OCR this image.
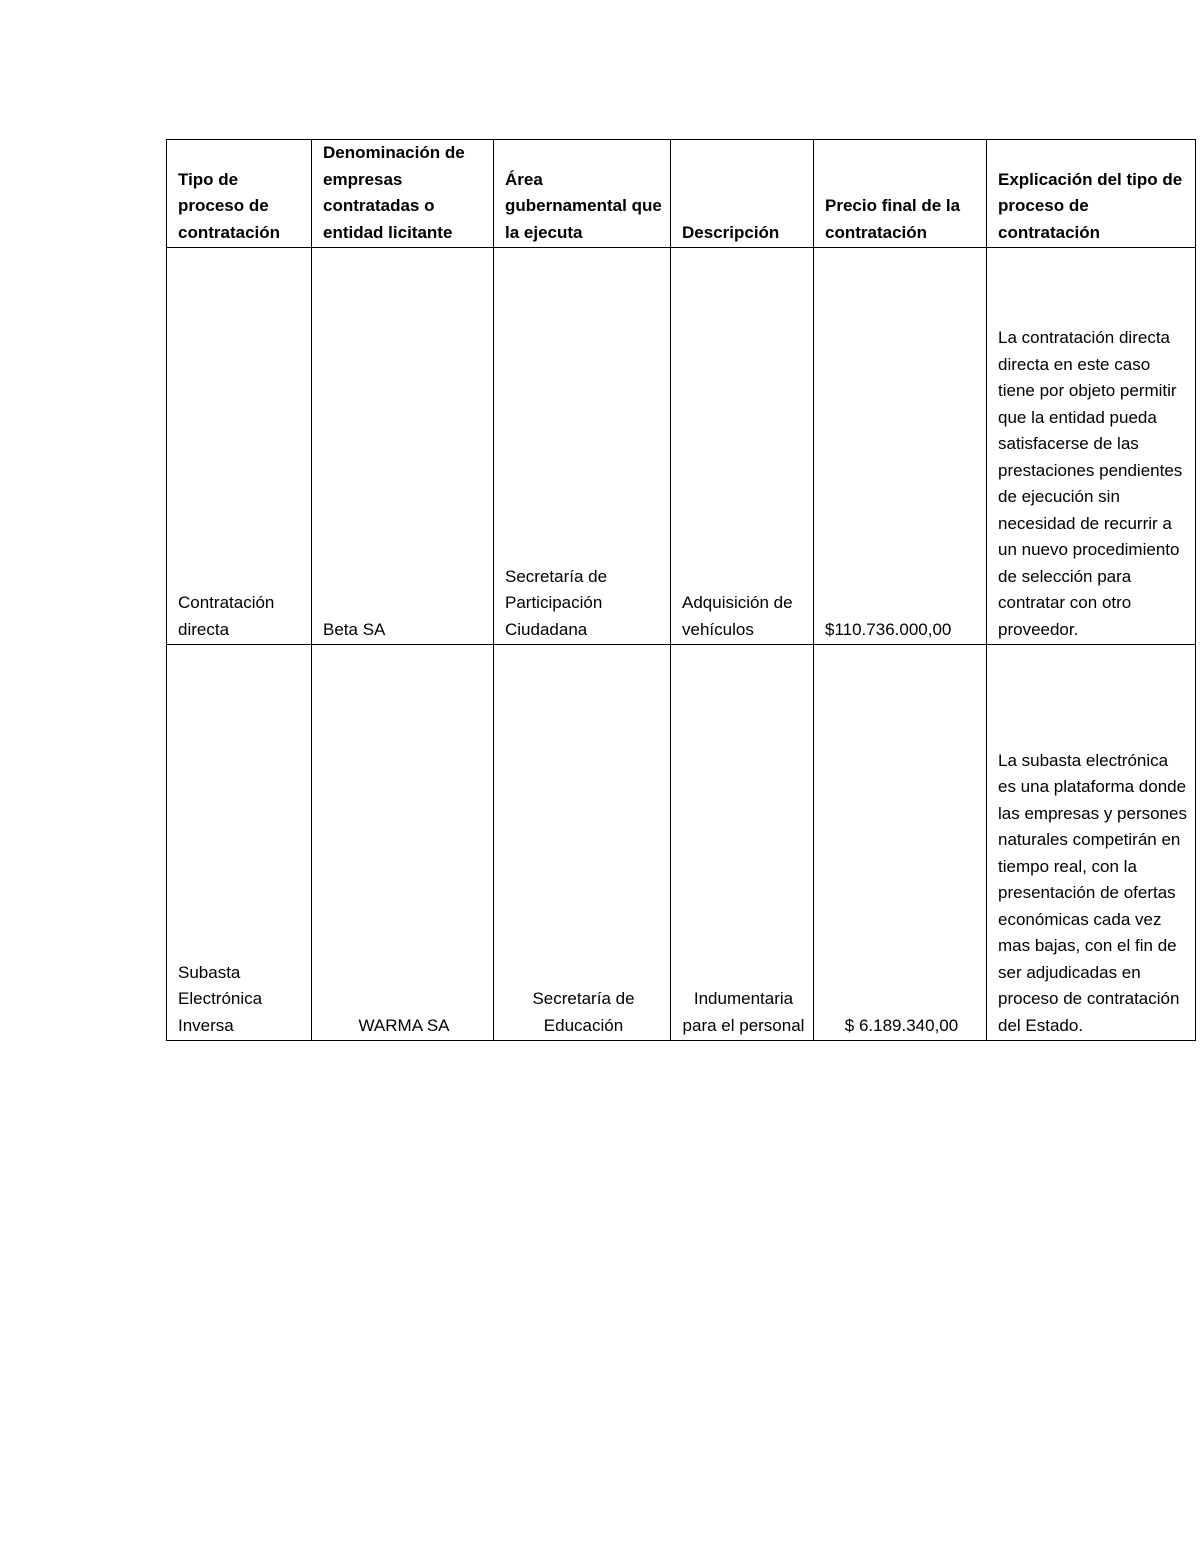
Tipo de proceso de contratación	Denominación de empresas contratadas o entidad licitante	Área gubernamental que la ejecuta	Descripción	Precio final de la contratación	Explicación del tipo de proceso de contratación
Contratación directa	Beta SA	Secretaría de Participación Ciudadana	Adquisición de vehículos	$110.736.000,00	La contratación directa directa en este caso tiene por objeto permitir que la entidad pueda satisfacerse de las prestaciones pendientes de ejecución sin necesidad de recurrir a un nuevo procedimiento de selección para contratar con otro proveedor.
Subasta Electrónica Inversa	WARMA SA	Secretaría de Educación	Indumentaria para el personal	$ 6.189.340,00	La subasta electrónica es una plataforma donde las empresas y persones naturales competirán en tiempo real, con la presentación de ofertas económicas cada vez mas bajas, con el fin de ser adjudicadas en proceso de contratación del Estado.
